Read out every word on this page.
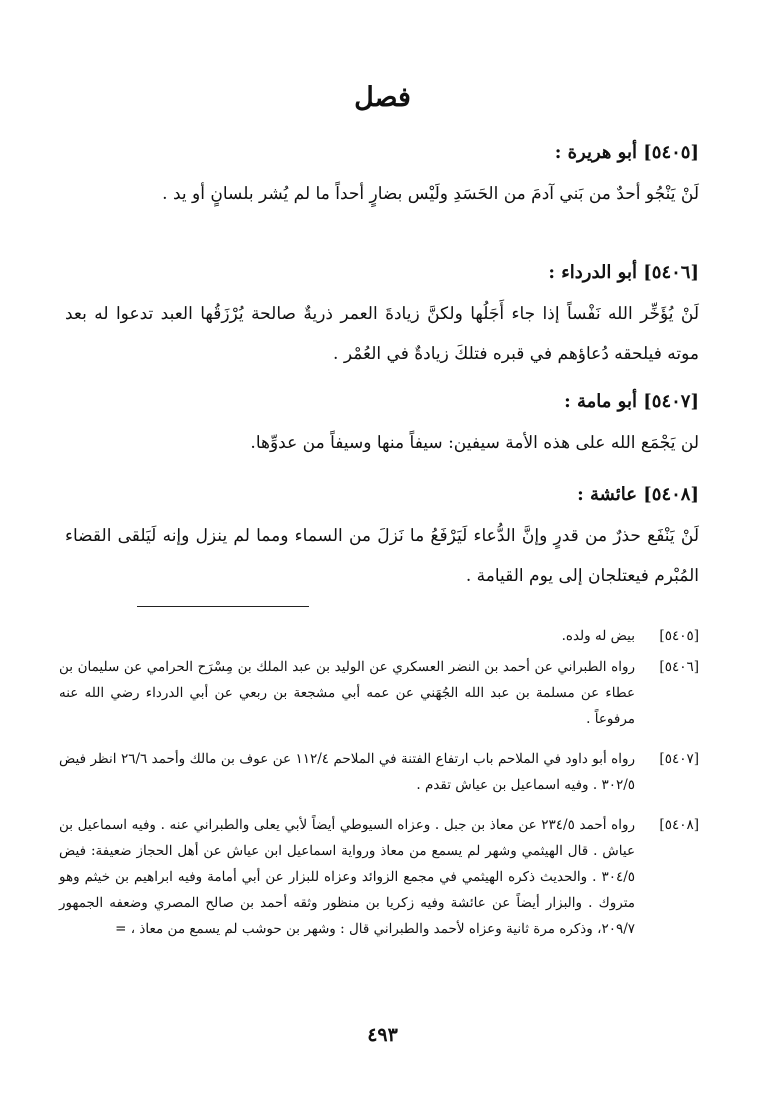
فصل
[٥٤٠٥] أبو هريرة :
لَنْ يَنْجُو أحدٌ من بَني آدمَ من الحَسَدِ ولَيْس بضارٍ أحداً ما لم يُشر بلسانٍ أو يد .
[٥٤٠٦] أبو الدرداء :
لَنْ يُؤَخِّر الله نَفْساً إذا جاء أَجَلُها ولكنَّ زيادةَ العمر ذريةٌ صالحة يُرْزَقُها العبد تدعوا له بعد موته فيلحقه دُعاؤهم في قبره فتلكَ زيادةٌ في العُمْر .
[٥٤٠٧] أبو مامة :
لن يَجْمَع الله على هذه الأمة سيفين: سيفاً منها وسيفاً من عدوِّها.
[٥٤٠٨] عائشة :
لَنْ يَنْفَع حذرٌ من قدرٍ وإنَّ الدُّعاء لَيَرْفَعُ ما نَزلَ من السماء ومما لم ينزل وإنه لَيَلقى القضاء المُبْرم فيعتلجان إلى يوم القيامة .
[٥٤٠٥]
بيض له ولده.
[٥٤٠٦]
رواه الطبراني عن أحمد بن النضر العسكري عن الوليد بن عبد الملك بن مِسْرَح الحرامي عن سليمان بن عطاء عن مسلمة بن عبد الله الجُهَني عن عمه أبي مشجعة بن ربعي عن أبي الدرداء رضي الله عنه مرفوعاً .
[٥٤٠٧]
رواه أبو داود في الملاحم باب ارتفاع الفتنة في الملاحم ١١٢/٤ عن عوف بن مالك وأحمد ٢٦/٦ انظر فيض ٣٠٢/٥ . وفيه اسماعيل بن عياش تقدم .
[٥٤٠٨]
رواه أحمد ٢٣٤/٥ عن معاذ بن جبل . وعزاه السيوطي أيضاً لأبي يعلى والطبراني عنه . وفيه اسماعيل بن عياش . قال الهيثمي وشهر لم يسمع من معاذ ورواية اسماعيل ابن عياش عن أهل الحجاز ضعيفة: فيض ٣٠٤/٥ . والحديث ذكره الهيثمي في مجمع الزوائد وعزاه للبزار عن أبي أمامة وفيه ابراهيم بن خيثم وهو متروك . والبزار أيضاً عن عائشة وفيه زكريا بن منظور وثقه أحمد بن صالح المصري وضعفه الجمهور ٢٠٩/٧، وذكره مرة ثانية وعزاه لأحمد والطبراني قال : وشهر بن حوشب لم يسمع من معاذ ، =
٤٩٣
